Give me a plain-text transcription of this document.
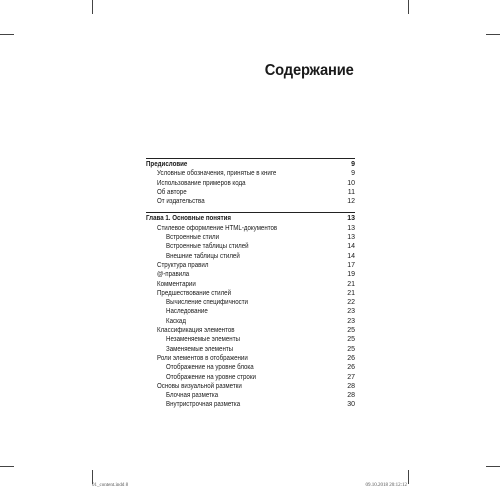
Содержание
Предисловие	9
Условные обозначения, принятые в книге	9
Использование примеров кода	10
Об авторе	11
От издательства	12
Глава 1. Основные понятия	13
Стилевое оформление HTML-документов	13
Встроенные стили	13
Встроенные таблицы стилей	14
Внешние таблицы стилей	14
Структура правил	17
@-правила	19
Комментарии	21
Предшествование стилей	21
Вычисление специфичности	22
Наследование	23
Каскад	23
Классификация элементов	25
Незаменяемые элементы	25
Заменяемые элементы	25
Роли элементов в отображении	26
Отображение на уровне блока	26
Отображение на уровне строки	27
Основы визуальной разметки	28
Блочная разметка	28
Внутристрочная разметка	30
01_content.indd 8	09.10.2018 20:12:12
